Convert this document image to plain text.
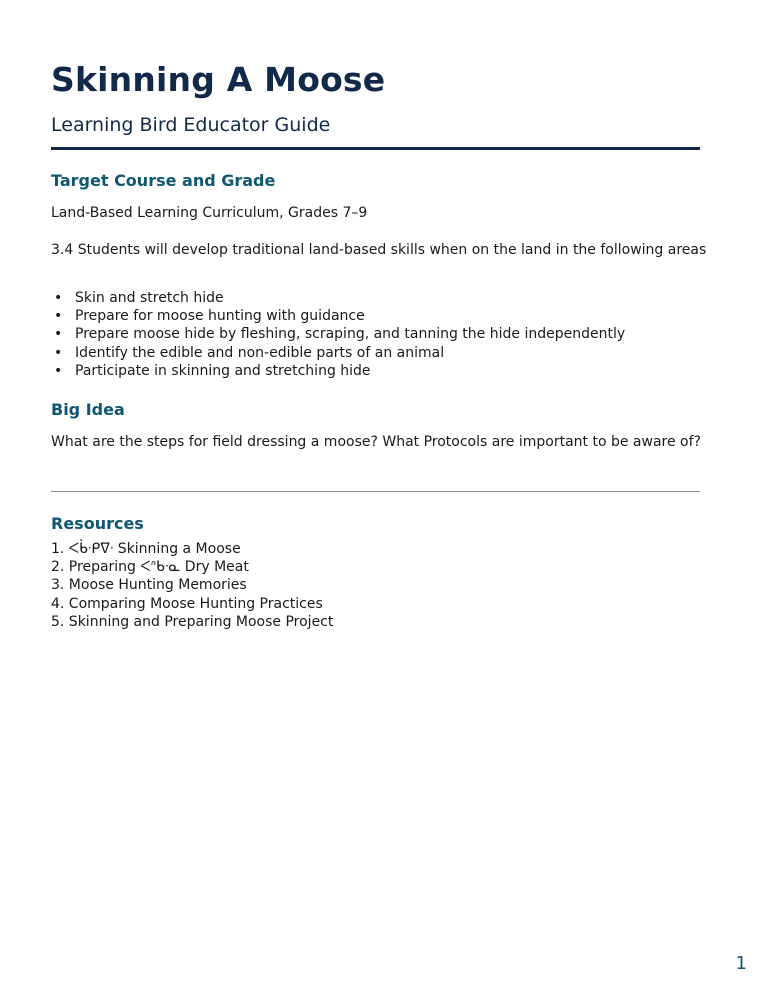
Skinning A Moose
Learning Bird Educator Guide
Target Course and Grade

Land-Based Learning Curriculum, Grades 7–9

3.4 Students will develop traditional land-based skills when on the land in the following areas

• Skin and stretch hide
• Prepare for moose hunting with guidance
• Prepare moose hide by fleshing, scraping, and tanning the hide independently
• Identify the edible and non-edible parts of an animal
• Participate in skinning and stretching hide
Big Idea

What are the steps for field dressing a moose? What Protocols are important to be aware of?

Resources
1. ᐸᑳᐧᑭᐁᐧ Skinning a Moose
2. Preparing ᐸᐢᑲᐧᓇ Dry Meat
3. Moose Hunting Memories
4. Comparing Moose Hunting Practices
5. Skinning and Preparing Moose Project
1
